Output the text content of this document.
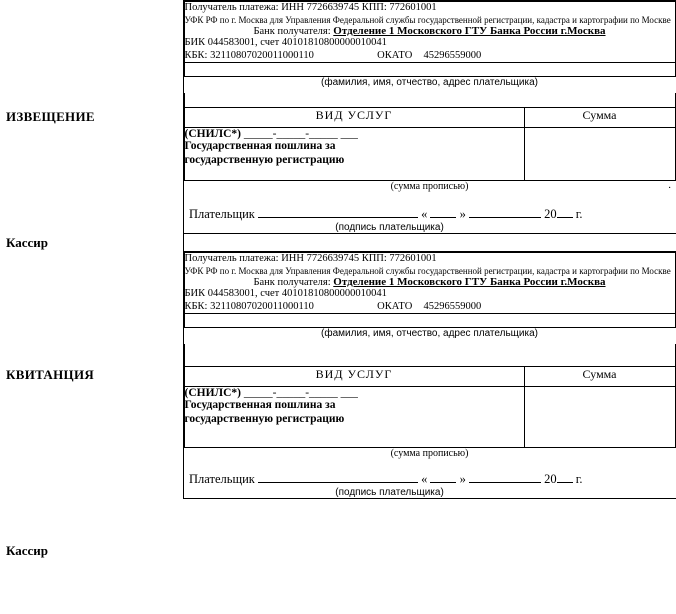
ИЗВЕЩЕНИЕ

Получатель платежа: ИНН 7726639745 КПП: 772601001
УФК РФ по г. Москва для Управления Федеральной службы государственной регистрации, кадастра и картографии по Москве
Банк получателя: Отделение 1 Московского ГТУ Банка России г.Москва
БИК 044583001, счет 40101810800000010041
КБК: 32110807020011000110	ОКАТО 45296559000

(фамилия, имя, отчество, адрес плательщика)

ВИД УСЛУГ	Сумма

(СНИЛС*) _____-_____-_____ ___
Государственная пошлина за
государственную регистрацию

(сумма прописью)	.

Плательщик	«	»	20 г.
(подпись плательщика)

Кассир

КВИТАНЦИЯ

Получатель платежа: ИНН 7726639745 КПП: 772601001
УФК РФ по г. Москва для Управления Федеральной службы государственной регистрации, кадастра и картографии по Москве
Банк получателя: Отделение 1 Московского ГТУ Банка России г.Москва
БИК 044583001, счет 40101810800000010041
КБК: 32110807020011000110	ОКАТО 45296559000

(фамилия, имя, отчество, адрес плательщика)

ВИД УСЛУГ	Сумма

(СНИЛС*) _____-_____-_____ ___
Государственная пошлина за
государственную регистрацию

(сумма прописью)

Плательщик	«	»	20 г.
(подпись плательщика)
Кассир
